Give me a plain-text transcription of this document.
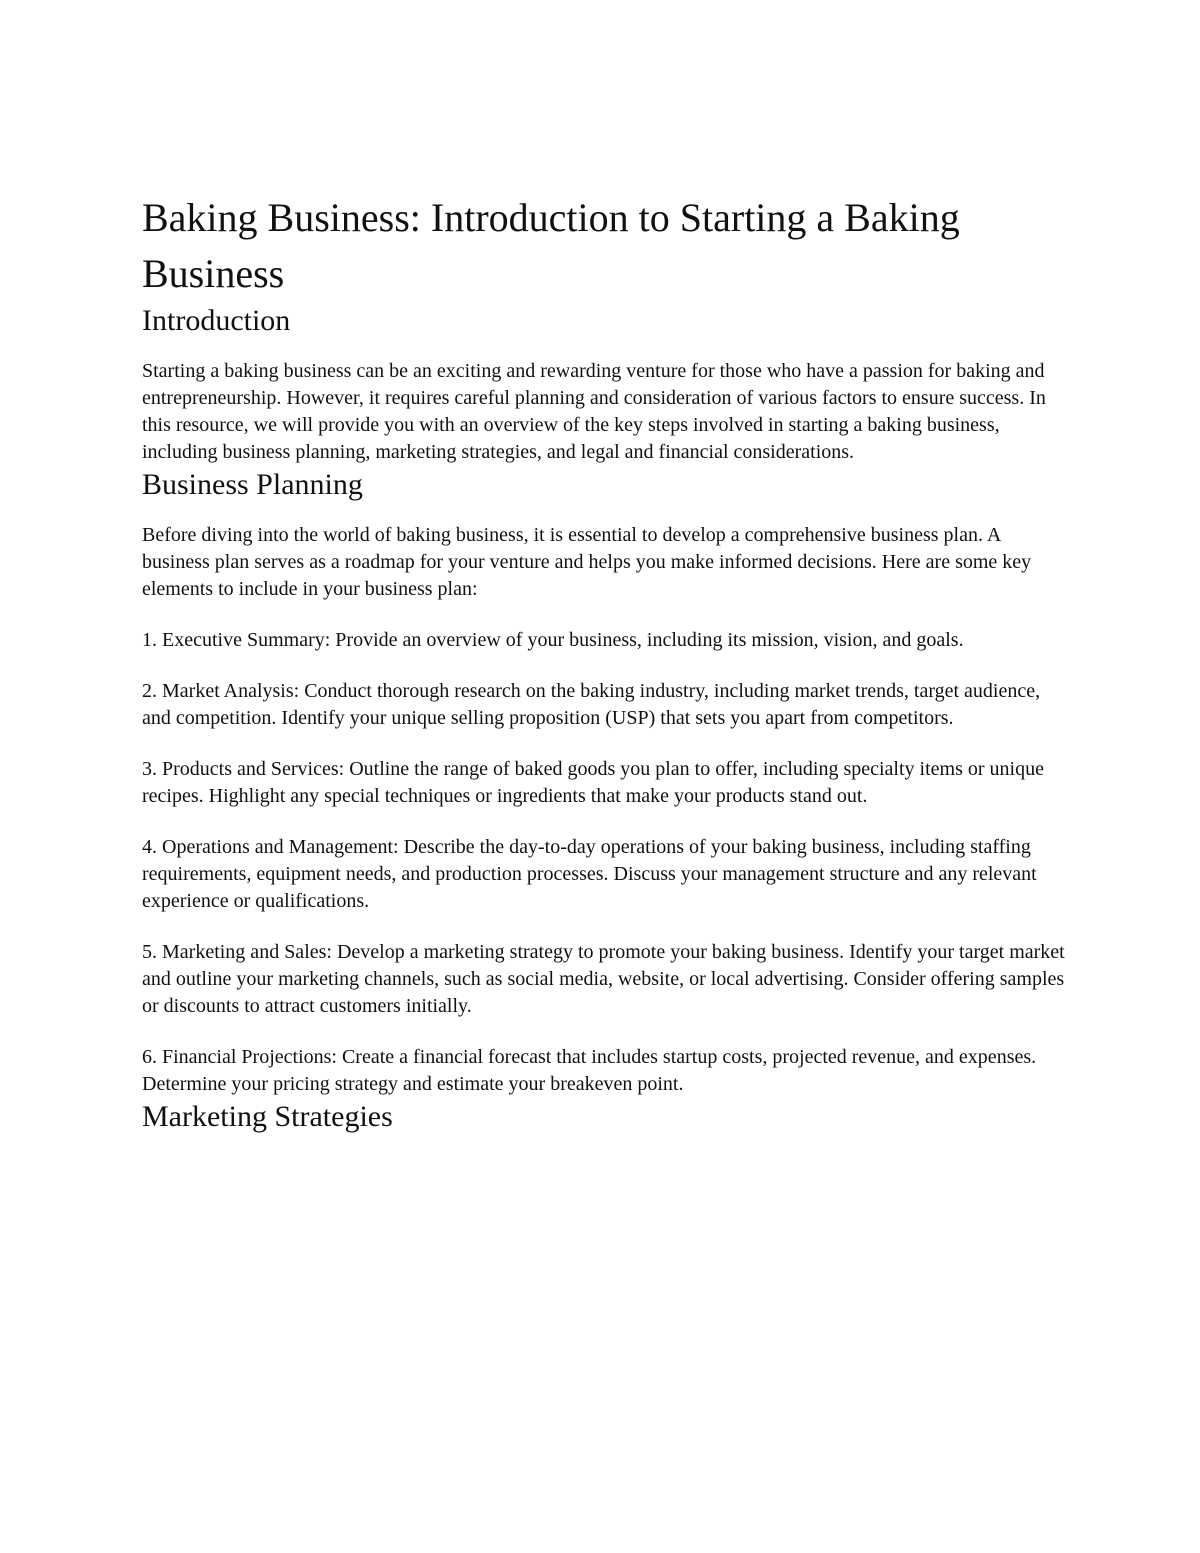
Baking Business: Introduction to Starting a Baking Business
Introduction

Starting a baking business can be an exciting and rewarding venture for those who have a passion for baking and entrepreneurship. However, it requires careful planning and consideration of various factors to ensure success. In this resource, we will provide you with an overview of the key steps involved in starting a baking business, including business planning, marketing strategies, and legal and financial considerations.

Business Planning

Before diving into the world of baking business, it is essential to develop a comprehensive business plan. A business plan serves as a roadmap for your venture and helps you make informed decisions. Here are some key elements to include in your business plan:

1. Executive Summary: Provide an overview of your business, including its mission, vision, and goals.

2. Market Analysis: Conduct thorough research on the baking industry, including market trends, target audience, and competition. Identify your unique selling proposition (USP) that sets you apart from competitors.

3. Products and Services: Outline the range of baked goods you plan to offer, including specialty items or unique recipes. Highlight any special techniques or ingredients that make your products stand out.

4. Operations and Management: Describe the day-to-day operations of your baking business, including staffing requirements, equipment needs, and production processes. Discuss your management structure and any relevant experience or qualifications.

5. Marketing and Sales: Develop a marketing strategy to promote your baking business. Identify your target market and outline your marketing channels, such as social media, website, or local advertising. Consider offering samples or discounts to attract customers initially.

6. Financial Projections: Create a financial forecast that includes startup costs, projected revenue, and expenses. Determine your pricing strategy and estimate your breakeven point.

Marketing Strategies
